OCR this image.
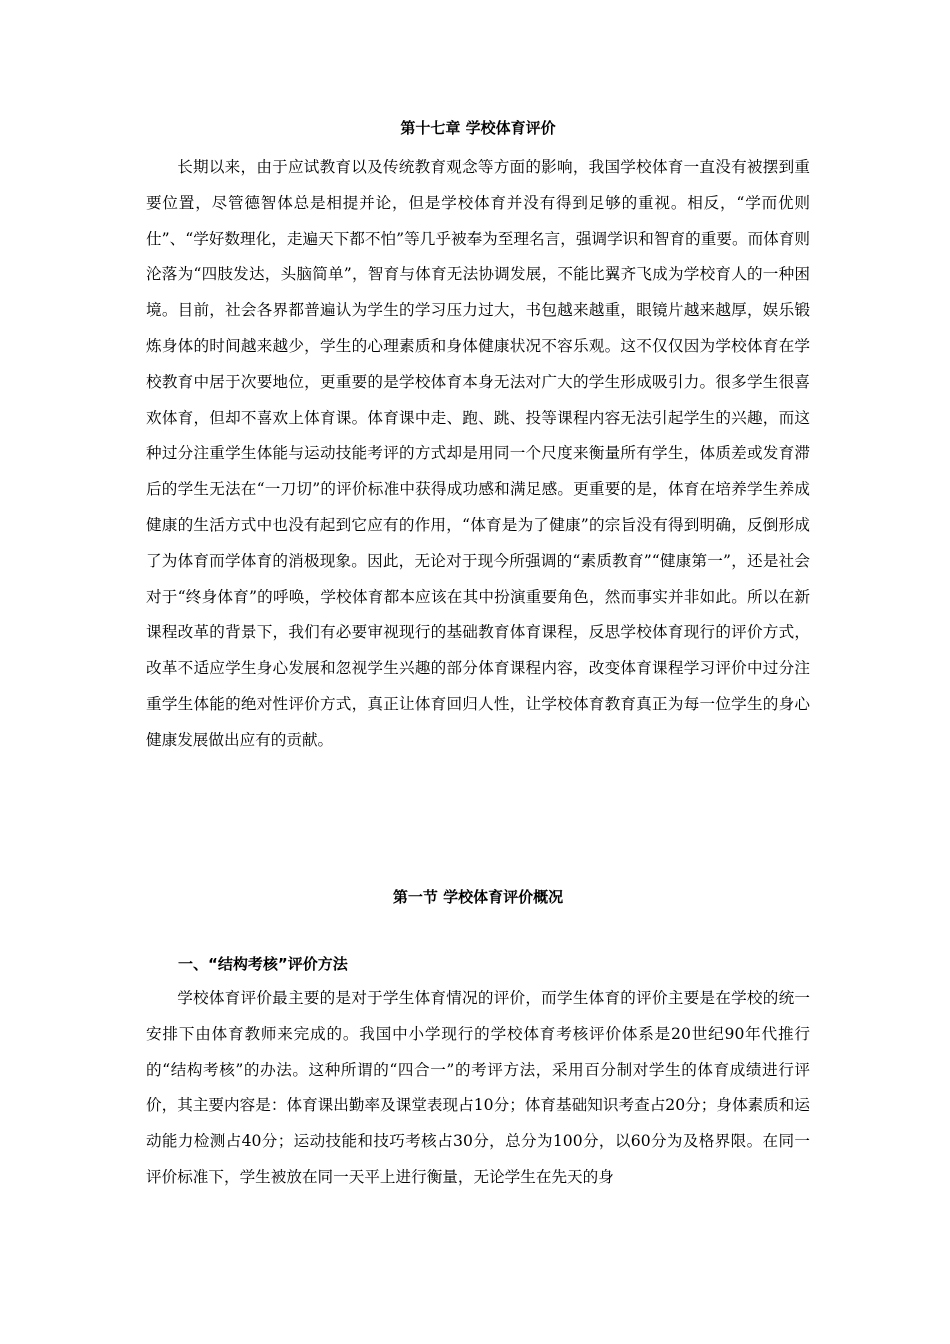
第十七章 学校体育评价

长期以来，由于应试教育以及传统教育观念等方面的影响，我国学校体育一直没有被摆到重要位置，尽管德智体总是相提并论，但是学校体育并没有得到足够的重视。相反，“学而优则仕”、“学好数理化，走遍天下都不怕”等几乎被奉为至理名言，强调学识和智育的重要。而体育则沦落为“四肢发达，头脑简单”，智育与体育无法协调发展，不能比翼齐飞成为学校育人的一种困境。目前，社会各界都普遍认为学生的学习压力过大，书包越来越重，眼镜片越来越厚，娱乐锻炼身体的时间越来越少，学生的心理素质和身体健康状况不容乐观。这不仅仅因为学校体育在学校教育中居于次要地位，更重要的是学校体育本身无法对广大的学生形成吸引力。很多学生很喜欢体育，但却不喜欢上体育课。体育课中走、跑、跳、投等课程内容无法引起学生的兴趣，而这种过分注重学生体能与运动技能考评的方式却是用同一个尺度来衡量所有学生，体质差或发育滞后的学生无法在“一刀切”的评价标准中获得成功感和满足感。更重要的是，体育在培养学生养成健康的生活方式中也没有起到它应有的作用，“体育是为了健康”的宗旨没有得到明确，反倒形成了为体育而学体育的消极现象。因此，无论对于现今所强调的“素质教育”“健康第一”，还是社会对于“终身体育”的呼唤，学校体育都本应该在其中扮演重要角色，然而事实并非如此。所以在新课程改革的背景下，我们有必要审视现行的基础教育体育课程，反思学校体育现行的评价方式，改革不适应学生身心发展和忽视学生兴趣的部分体育课程内容，改变体育课程学习评价中过分注重学生体能的绝对性评价方式，真正让体育回归人性，让学校体育教育真正为每一位学生的身心健康发展做出应有的贡献。

第一节 学校体育评价概况
一、“结构考核”评价方法

学校体育评价最主要的是对于学生体育情况的评价，而学生体育的评价主要是在学校的统一安排下由体育教师来完成的。我国中小学现行的学校体育考核评价体系是20世纪90年代推行的“结构考核”的办法。这种所谓的“四合一”的考评方法，采用百分制对学生的体育成绩进行评价，其主要内容是：体育课出勤率及课堂表现占10分；体育基础知识考查占20分；身体素质和运动能力检测占40分；运动技能和技巧考核占30分，总分为100分，以60分为及格界限。在同一评价标准下，学生被放在同一天平上进行衡量，无论学生在先天的身
